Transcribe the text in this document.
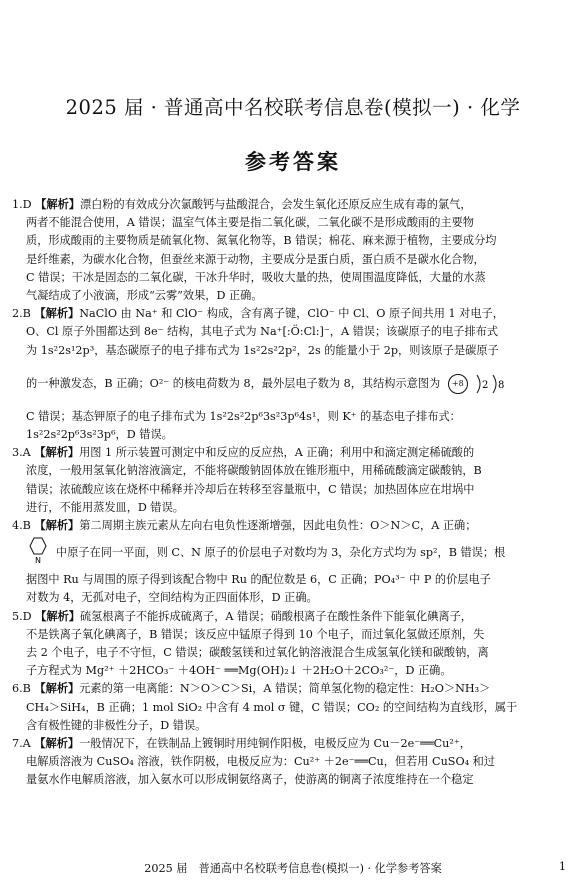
2025 届 · 普通高中名校联考信息卷(模拟一) · 化学
参考答案
1.D 【解析】漂白粉的有效成分次氯酸钙与盐酸混合，会发生氧化还原反应生成有毒的氯气，
两者不能混合使用，A 错误；温室气体主要是指二氧化碳，二氧化碳不是形成酸雨的主要物
质，形成酸雨的主要物质是硫氧化物、氮氧化物等，B 错误；棉花、麻来源于植物，主要成分均
是纤维素，为碳水化合物，但蚕丝来源于动物，主要成分是蛋白质，蛋白质不是碳水化合物，
C 错误；干冰是固态的二氧化碳，干冰升华时，吸收大量的热，使周围温度降低，大量的水蒸
气凝结成了小液滴，形成“云雾”效果，D 正确。
2.B 【解析】NaClO 由 Na⁺ 和 ClO⁻ 构成，含有离子键，ClO⁻ 中 Cl、O 原子间共用 1 对电子，
O、Cl 原子外围都达到 8e⁻ 结构，其电子式为 Na⁺[:Ö:Cl:]⁻，A 错误；该碳原子的电子排布式
为 1s²2s¹2p³，基态碳原子的电子排布式为 1s²2s²2p²，2s 的能量小于 2p，则该原子是碳原子
的一种激发态，B 正确；O²⁻ 的核电荷数为 8，最外层电子数为 8，其结构示意图为 +8 2 8
C 错误；基态钾原子的电子排布式为 1s²2s²2p⁶3s²3p⁶4s¹，则 K⁺ 的基态电子排布式：
1s²2s²2p⁶3s²3p⁶，D 错误。
3.A 【解析】用图 1 所示装置可测定中和反应的反应热，A 正确；利用中和滴定测定稀硫酸的
浓度，一般用氢氧化钠溶液滴定，不能将碳酸钠固体放在锥形瓶中，用稀硫酸滴定碳酸钠，B
错误；浓硫酸应该在烧杯中稀释并冷却后在转移至容量瓶中，C 错误；加热固体应在坩埚中
进行，不能用蒸发皿，D 错误。
4.B 【解析】第二周期主族元素从左向右电负性逐渐增强，因此电负性：O＞N＞C，A 正确；
N
中原子在同一平面，则 C、N 原子的价层电子对数均为 3，杂化方式均为 sp²，B 错误；根
据图中 Ru 与周围的原子得到该配合物中 Ru 的配位数是 6，C 正确；PO₄³⁻ 中 P 的价层电子
对数为 4，无孤对电子，空间结构为正四面体形，D 正确。
5.D 【解析】硫氢根离子不能拆成硫离子，A 错误；硝酸根离子在酸性条件下能氧化碘离子，
不是铁离子氧化碘离子，B 错误；该反应中锰原子得到 10 个电子，而过氧化氢做还原剂，失
去 2 个电子，电子不守恒，C 错误；碳酸氢镁和过氧化钠溶液混合生成氢氧化镁和碳酸钠，离
子方程式为 Mg²⁺ ＋2HCO₃⁻ ＋4OH⁻ ══Mg(OH)₂↓ ＋2H₂O＋2CO₃²⁻，D 正确。
6.B 【解析】元素的第一电离能：N＞O＞C＞Si，A 错误；简单氢化物的稳定性：H₂O＞NH₃＞
CH₄＞SiH₄，B 正确；1 mol SiO₂ 中含有 4 mol σ 键，C 错误；CO₂ 的空间结构为直线形，属于
含有极性键的非极性分子，D 错误。
7.A 【解析】一般情况下，在铁制品上镀铜时用纯铜作阳极，电极反应为 Cu－2e⁻══Cu²⁺，
电解质溶液为 CuSO₄ 溶液，铁作阴极，电极反应为：Cu²⁺ ＋2e⁻══Cu，但若用 CuSO₄ 和过
量氨水作电解质溶液，加入氨水可以形成铜氨络离子，使游离的铜离子浓度维持在一个稳定
2025 届　普通高中名校联考信息卷(模拟一) · 化学参考答案	1
